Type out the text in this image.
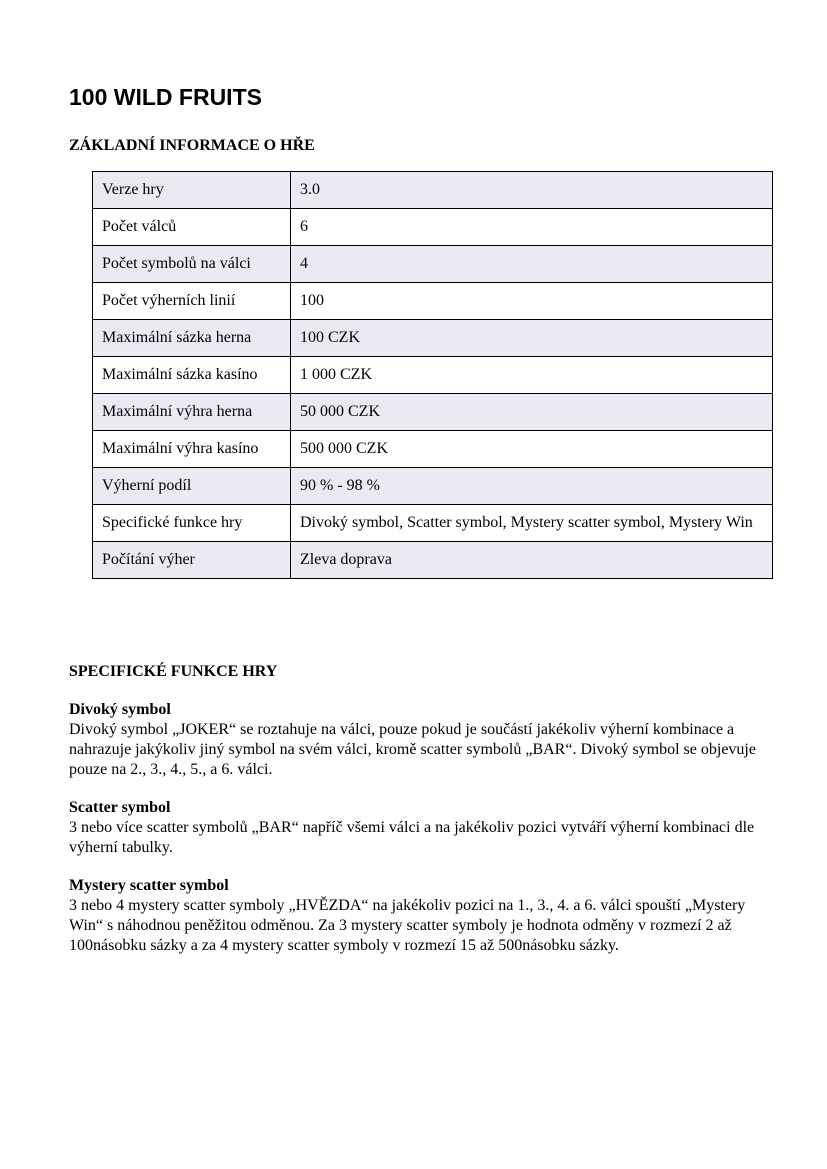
100 WILD FRUITS
ZÁKLADNÍ INFORMACE O HŘE
Verze hry	3.0
Počet válců	6
Počet symbolů na válci	4
Počet výherních linií	100
Maximální sázka herna	100 CZK
Maximální sázka kasíno	1 000 CZK
Maximální výhra herna	50 000 CZK
Maximální výhra kasíno	500 000 CZK
Výherní podíl	90 % - 98 %
Specifické funkce hry	Divoký symbol, Scatter symbol, Mystery scatter symbol, Mystery Win
Počítání výher	Zleva doprava
SPECIFICKÉ FUNKCE HRY
Divoký symbol

Divoký symbol „JOKER“ se roztahuje na válci, pouze pokud je součástí jakékoliv výherní kombinace a nahrazuje jakýkoliv jiný symbol na svém válci, kromě scatter symbolů „BAR“. Divoký symbol se objevuje pouze na 2., 3., 4., 5., a 6. válci.

Scatter symbol

3 nebo více scatter symbolů „BAR“ napříč všemi válci a na jakékoliv pozici vytváří výherní kombinaci dle výherní tabulky.

Mystery scatter symbol

3 nebo 4 mystery scatter symboly „HVĚZDA“ na jakékoliv pozici na 1., 3., 4. a 6. válci spouští „Mystery Win“ s náhodnou peněžitou odměnou. Za 3 mystery scatter symboly je hodnota odměny v rozmezí 2 až 100násobku sázky a za 4 mystery scatter symboly v rozmezí 15 až 500násobku sázky.
